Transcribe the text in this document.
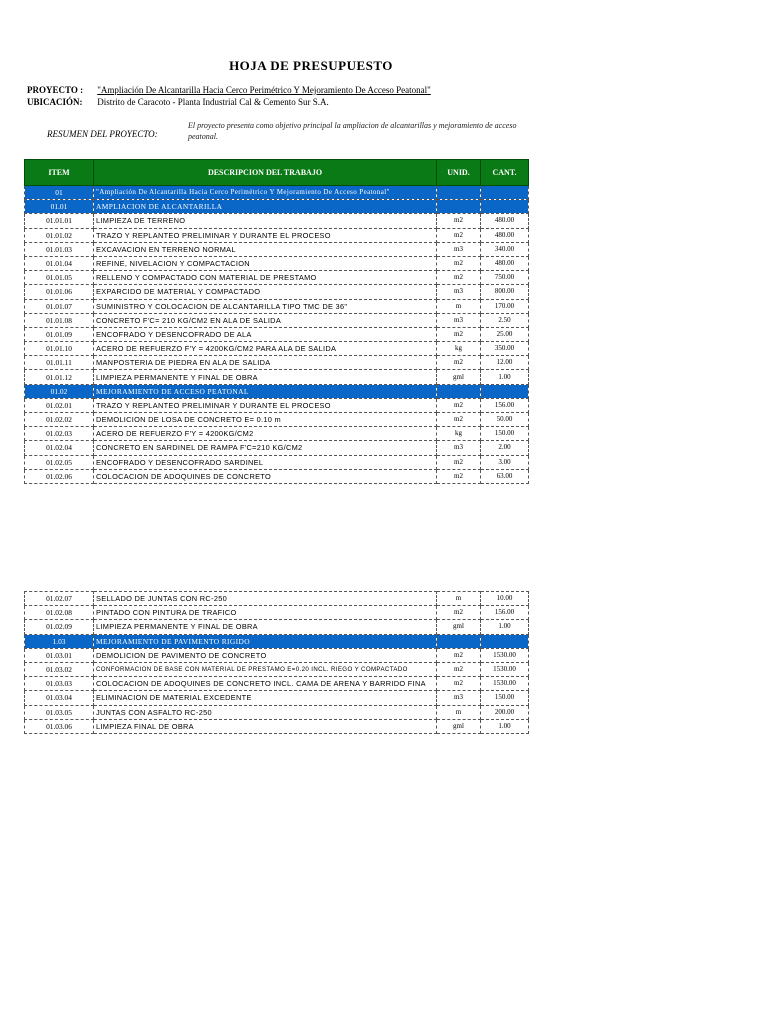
HOJA DE PRESUPUESTO
PROYECTO : "Ampliación De Alcantarilla Hacia Cerco Perimétrico Y Mejoramiento De Acceso Peatonal"
UBICACIÓN: Distrito de Caracoto - Planta Industrial Cal & Cemento Sur S.A.
RESUMEN DEL PROYECTO:
El proyecto presenta como objetivo principal la ampliacion de alcantarillas y mejoramiento de acceso peatonal.
ITEM	DESCRIPCION DEL TRABAJO	UNID.	CANT.
01	"Ampliación De Alcantarilla Hacia Cerco Perimétrico Y Mejoramiento De Acceso Peatonal"		
01.01	AMPLIACION DE ALCANTARILLA		
01.01.01	LIMPIEZA DE TERRENO	m2	480.00
01.01.02	TRAZO Y REPLANTEO PRELIMINAR Y DURANTE EL PROCESO	m2	480.00
01.01.03	EXCAVACION EN TERRENO NORMAL	m3	340.00
01.01.04	REFINE, NIVELACION Y COMPACTACION	m2	480.00
01.01.05	RELLENO Y COMPACTADO CON MATERIAL DE PRESTAMO	m2	750.00
01.01.06	EXPARCIDO DE MATERIAL Y COMPACTADO	m3	800.00
01.01.07	SUMINISTRO Y COLOCACION DE ALCANTARILLA TIPO TMC DE 36"	m	170.00
01.01.08	CONCRETO F'C= 210 KG/CM2 EN ALA DE SALIDA	m3	2.50
01.01.09	ENCOFRADO Y DESENCOFRADO DE ALA	m2	25.00
01.01.10	ACERO DE REFUERZO F'Y = 4200KG/CM2 PARA ALA DE SALIDA	kg	350.00
01.01.11	MANPOSTERIA DE PIEDRA EN ALA DE SALIDA	m2	12.00
01.01.12	LIMPIEZA PERMANENTE Y FINAL DE OBRA	gml	1.00
01.02	MEJORAMIENTO DE ACCESO PEATONAL		
01.02.01	TRAZO Y REPLANTEO PRELIMINAR Y DURANTE EL PROCESO	m2	156.00
01.02.02	DEMOLICION DE LOSA DE CONCRETO E= 0.10 m	m2	50.00
01.02.03	ACERO DE REFUERZO F'Y = 4200KG/CM2	kg	150.00
01.02.04	CONCRETO EN SARDINEL DE RAMPA F'C=210 KG/CM2	m3	2.00
01.02.05	ENCOFRADO Y DESENCOFRADO SARDINEL	m2	3.00
01.02.06	COLOCACION DE ADOQUINES DE CONCRETO	m2	63.00
01.02.07	SELLADO DE JUNTAS CON RC-250	m	10.00
01.02.08	PINTADO CON PINTURA DE TRAFICO	m2	156.00
01.02.09	LIMPIEZA PERMANENTE Y FINAL DE OBRA	gml	1.00
1.03	MEJORAMIENTO DE PAVIMENTO RIGIDO		
01.03.01	DEMOLICION DE PAVIMENTO DE CONCRETO	m2	1530.00
01.03.02	CONFORMACION DE BASE CON MATERIAL DE PRESTAMO E=0.20 INCL. RIEGO Y COMPACTADO	m2	1530.00
01.03.03	COLOCACION DE ADOQUINES DE CONCRETO INCL. CAMA DE ARENA Y BARRIDO FINA	m2	1530.00
01.03.04	ELIMINACION DE MATERIAL EXCEDENTE	m3	150.00
01.03.05	JUNTAS CON ASFALTO RC-250	m	200.00
01.03.06	LIMPIEZA FINAL DE OBRA	gml	1.00
